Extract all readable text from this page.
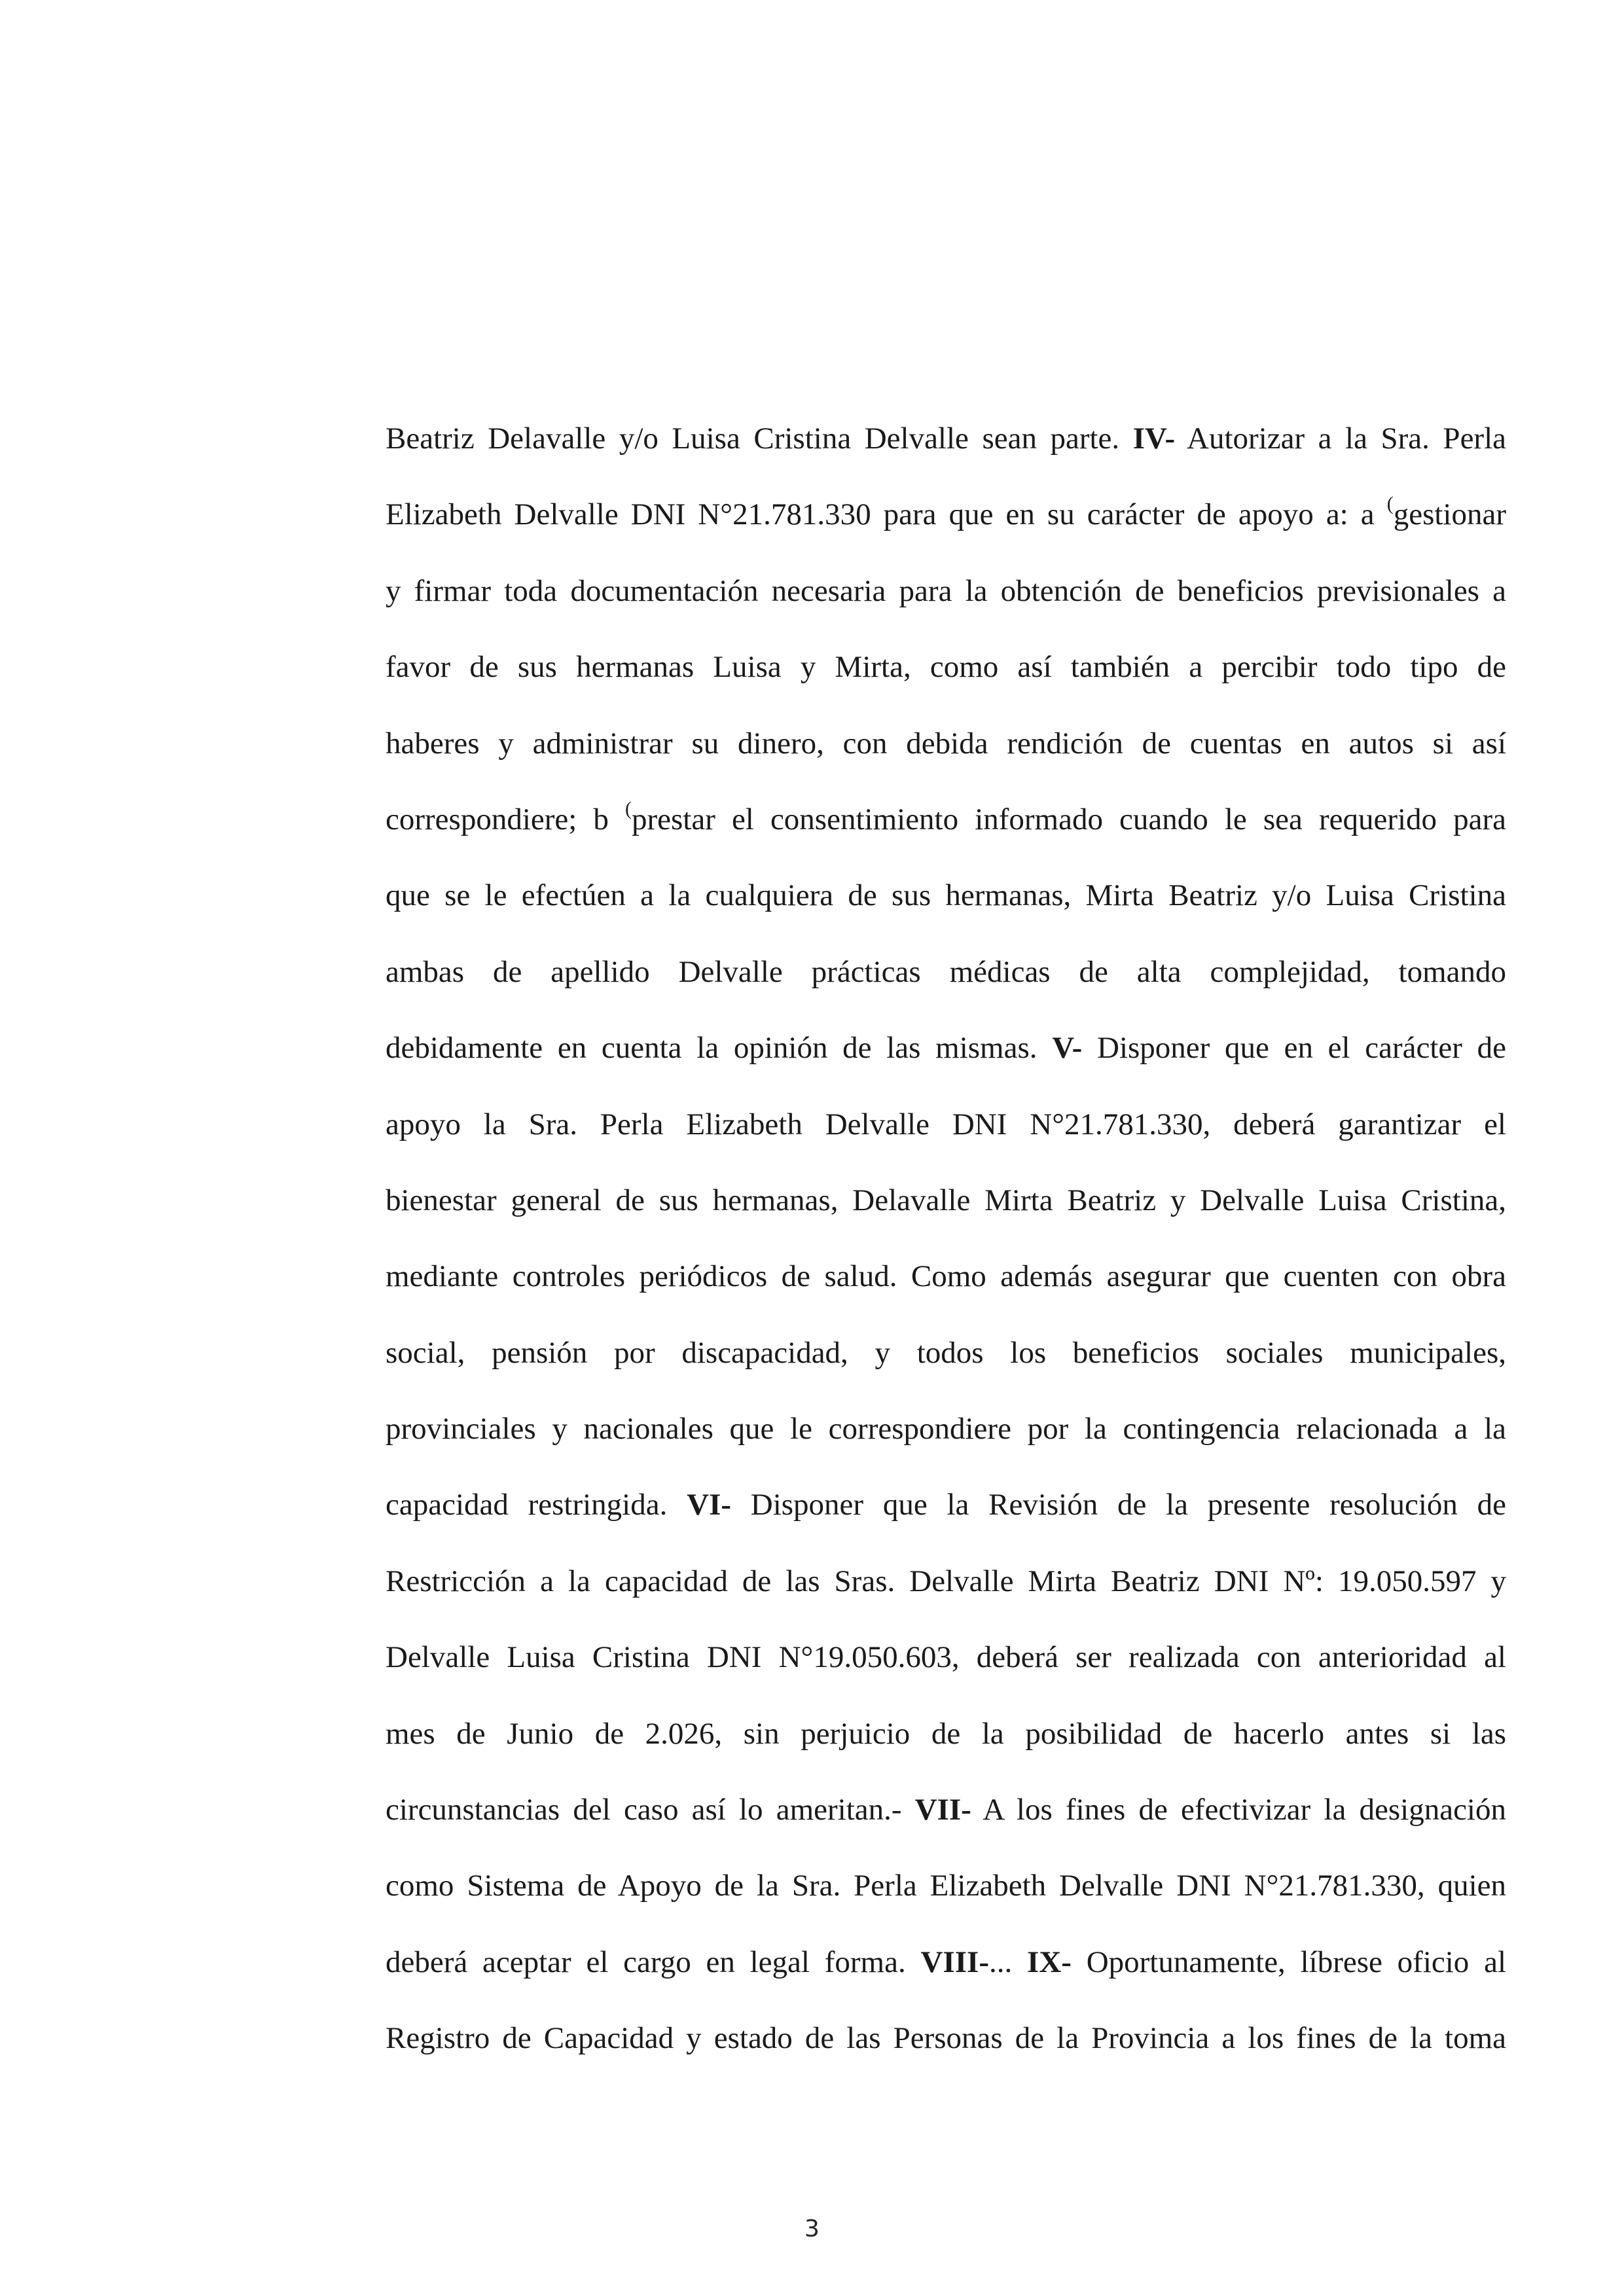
Beatriz Delavalle y/o Luisa Cristina Delvalle sean parte. IV- Autorizar a la Sra. Perla
Elizabeth Delvalle DNI N°21.781.330 para que en su carácter de apoyo a: a (gestionar
y firmar toda documentación necesaria para la obtención de beneficios previsionales a
favor de sus hermanas Luisa y Mirta, como así también a percibir todo tipo de
haberes y administrar su dinero, con debida rendición de cuentas en autos si así
correspondiere; b (prestar el consentimiento informado cuando le sea requerido para
que se le efectúen a la cualquiera de sus hermanas, Mirta Beatriz y/o Luisa Cristina
ambas de apellido Delvalle prácticas médicas de alta complejidad, tomando
debidamente en cuenta la opinión de las mismas. V- Disponer que en el carácter de
apoyo la Sra. Perla Elizabeth Delvalle DNI N°21.781.330, deberá garantizar el
bienestar general de sus hermanas, Delavalle Mirta Beatriz y Delvalle Luisa Cristina,
mediante controles periódicos de salud. Como además asegurar que cuenten con obra
social, pensión por discapacidad, y todos los beneficios sociales municipales,
provinciales y nacionales que le correspondiere por la contingencia relacionada a la
capacidad restringida. VI- Disponer que la Revisión de la presente resolución de
Restricción a la capacidad de las Sras. Delvalle Mirta Beatriz DNI Nº: 19.050.597 y
Delvalle Luisa Cristina DNI N°19.050.603, deberá ser realizada con anterioridad al
mes de Junio de 2.026, sin perjuicio de la posibilidad de hacerlo antes si las
circunstancias del caso así lo ameritan.- VII- A los fines de efectivizar la designación
como Sistema de Apoyo de la Sra. Perla Elizabeth Delvalle DNI N°21.781.330, quien
deberá aceptar el cargo en legal forma. VIII-... IX- Oportunamente, líbrese oficio al
Registro de Capacidad y estado de las Personas de la Provincia a los fines de la toma
3
